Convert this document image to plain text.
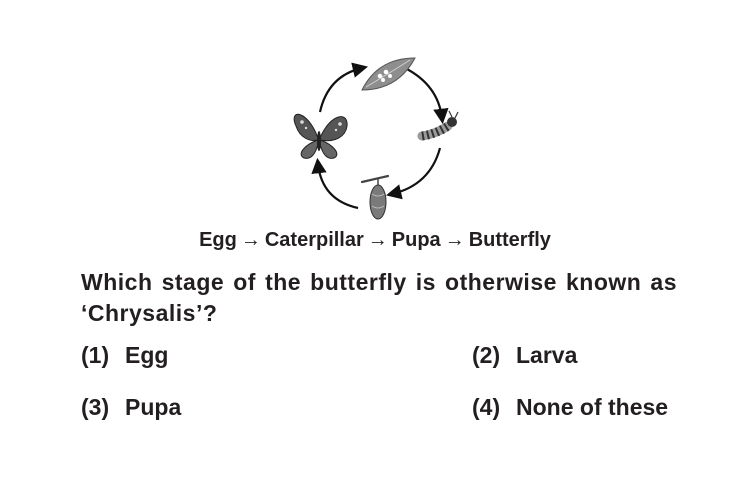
Egg → Caterpillar → Pupa → Butterfly
Which stage of the butterfly is otherwise known as ‘Chrysalis’?
(1) Egg	(2) Larva
(3) Pupa	(4) None of these
